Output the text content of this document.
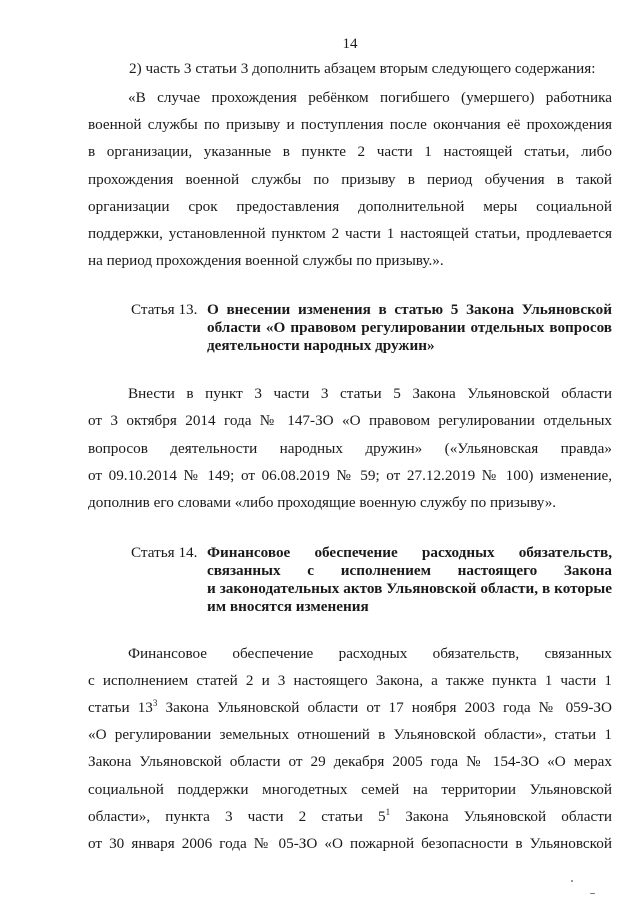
14
2) часть 3 статьи 3 дополнить абзацем вторым следующего содержания:
«В случае прохождения ребёнком погибшего (умершего) работника
военной службы по призыву и поступления после окончания её прохождения
в организации, указанные в пункте 2 части 1 настоящей статьи, либо
прохождения военной службы по призыву в период обучения в такой
организации срок предоставления дополнительной меры социальной
поддержки, установленной пунктом 2 части 1 настоящей статьи, продлевается
на период прохождения военной службы по призыву.».
Статья 13. О внесении изменения в статью 5 Закона Ульяновской
области «О правовом регулировании отдельных вопросов
деятельности народных дружин»
Внести в пункт 3 части 3 статьи 5 Закона Ульяновской области
от 3 октября 2014 года № 147-ЗО «О правовом регулировании отдельных
вопросов деятельности народных дружин» («Ульяновская правда»
от 09.10.2014 № 149; от 06.08.2019 № 59; от 27.12.2019 № 100) изменение,
дополнив его словами «либо проходящие военную службу по призыву».
Статья 14. Финансовое обеспечение расходных обязательств,
связанных с исполнением настоящего Закона
и законодательных актов Ульяновской области, в которые
им вносятся изменения
Финансовое обеспечение расходных обязательств, связанных
с исполнением статей 2 и 3 настоящего Закона, а также пункта 1 части 1
статьи $13^3$ Закона Ульяновской области от 17 ноября 2003 года № 059-ЗО
«О регулировании земельных отношений в Ульяновской области», статьи 1
Закона Ульяновской области от 29 декабря 2005 года № 154-ЗО «О мерах
социальной поддержки многодетных семей на территории Ульяновской
области», пункта 3 части 2 статьи $5^1$ Закона Ульяновской области
от 30 января 2006 года № 05-ЗО «О пожарной безопасности в Ульяновской
